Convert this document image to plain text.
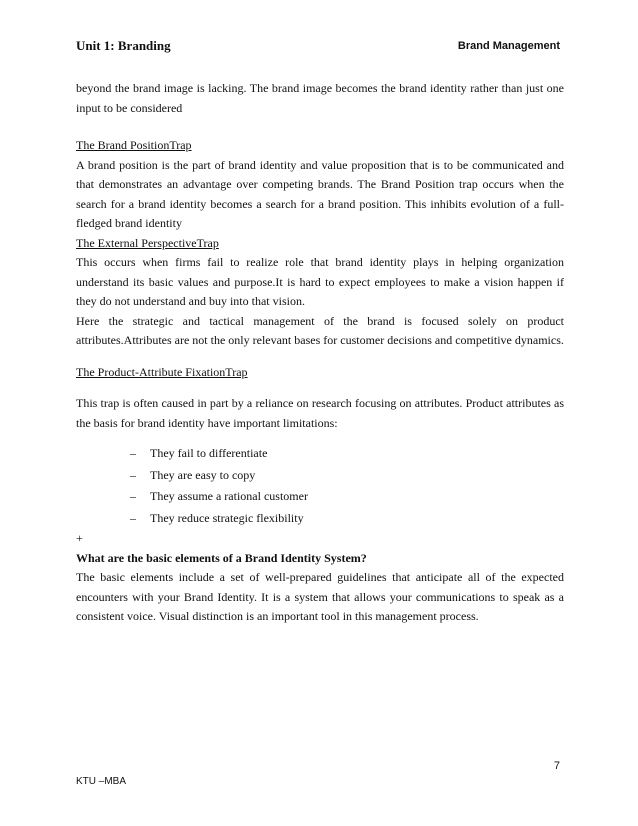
Unit 1: Branding	Brand Management

beyond the brand image is lacking. The brand image becomes the brand identity rather than just one input to be considered

The Brand PositionTrap

A brand position is the part of brand identity and value proposition that is to be communicated and that demonstrates an advantage over competing brands. The Brand Position trap occurs when the search for a brand identity becomes a search for a brand position. This inhibits evolution of a full-fledged brand identity

The External PerspectiveTrap

This occurs when firms fail to realize role that brand identity plays in helping organization understand its basic values and purpose.It is hard to expect employees to make a vision happen if they do not understand and buy into that vision.

Here the strategic and tactical management of the brand is focused solely on product attributes.Attributes are not the only relevant bases for customer decisions and competitive dynamics.

The Product-Attribute FixationTrap

This trap is often caused in part by a reliance on research focusing on attributes. Product attributes as the basis for brand identity have important limitations:

– They fail to differentiate
– They are easy to copy
– They assume a rational customer
– They reduce strategic flexibility

+

What are the basic elements of a Brand Identity System?

The basic elements include a set of well-prepared guidelines that anticipate all of the expected encounters with your Brand Identity. It is a system that allows your communications to speak as a consistent voice. Visual distinction is an important tool in this management process.

7
KTU –MBA
